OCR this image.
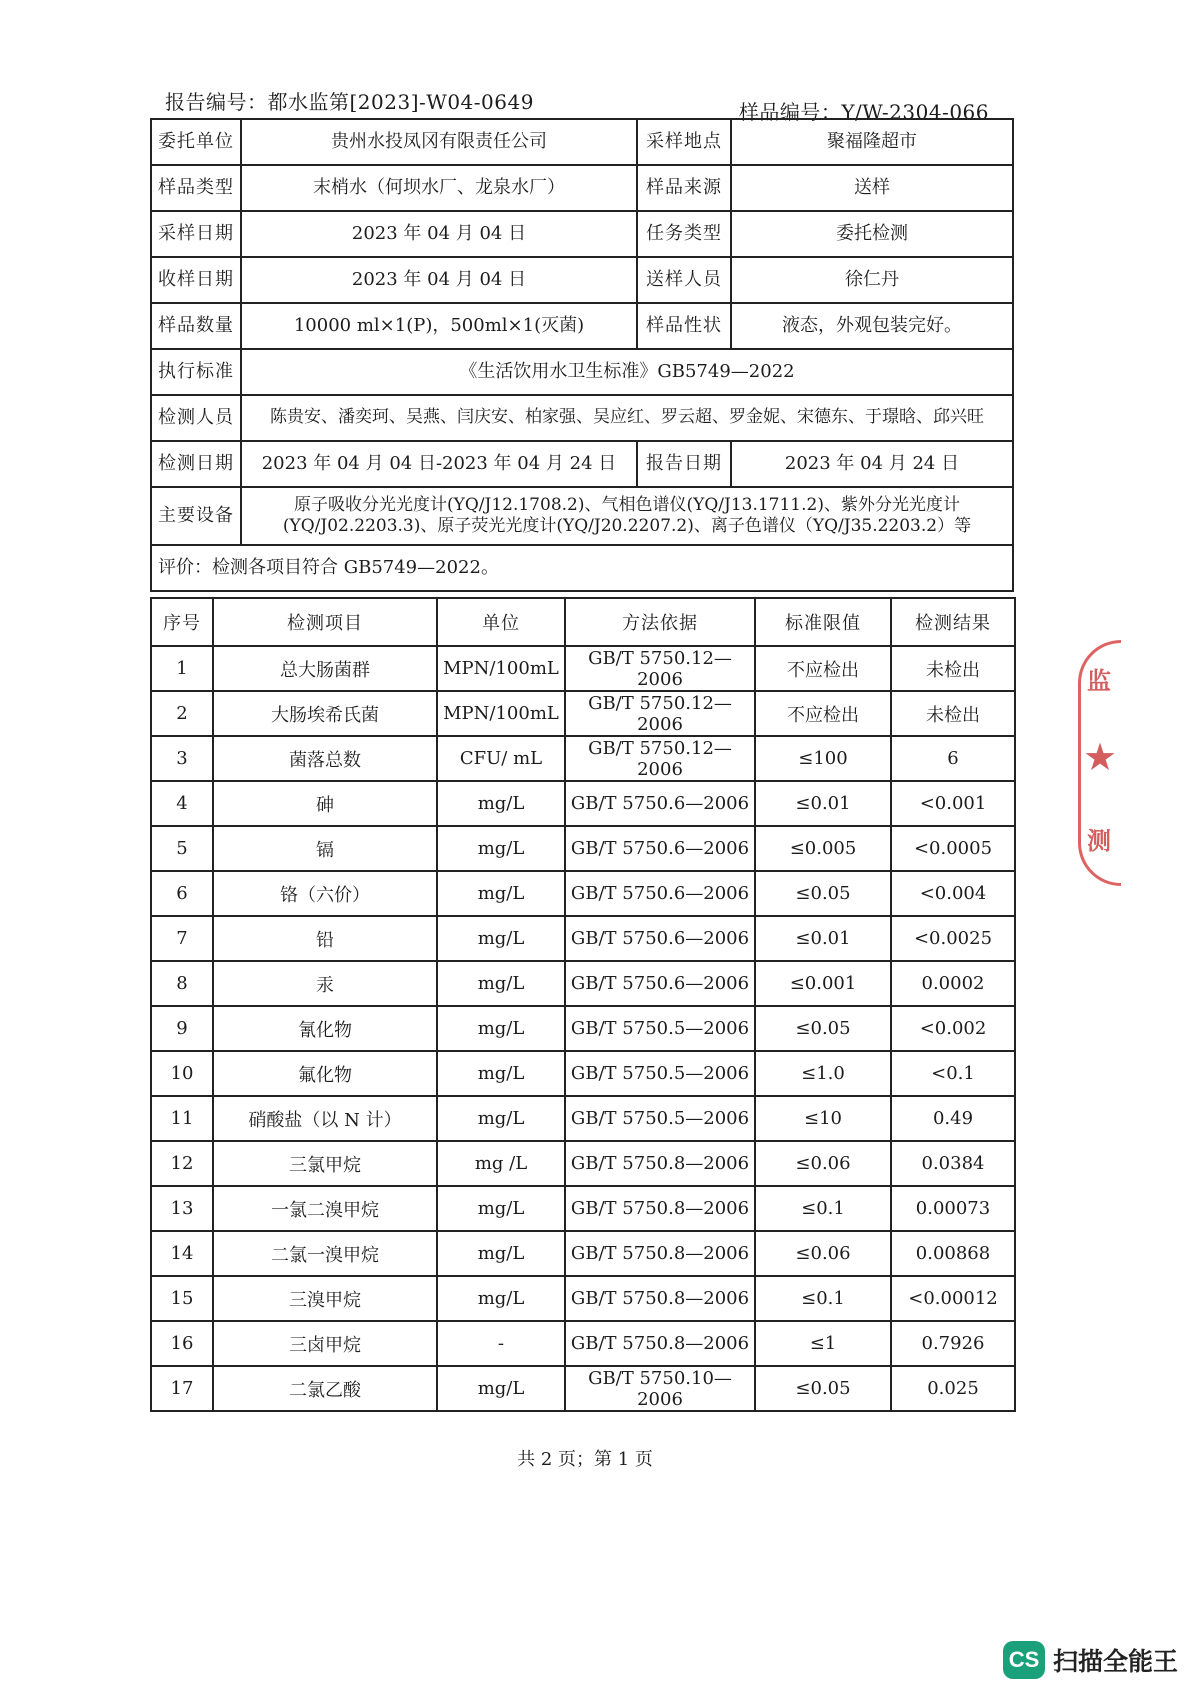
报告编号：都水监第[2023]-W04-0649	样品编号：Y/W-2304-066
委托单位	贵州水投凤冈有限责任公司	采样地点	聚福隆超市
样品类型	末梢水（何坝水厂、龙泉水厂）	样品来源	送样
采样日期	2023 年 04 月 04 日	任务类型	委托检测
收样日期	2023 年 04 月 04 日	送样人员	徐仁丹
样品数量	10000 ml×1(P)，500ml×1(灭菌)	样品性状	液态，外观包装完好。
执行标准	《生活饮用水卫生标准》GB5749—2022		
检测人员	陈贵安、潘奕珂、吴燕、闫庆安、柏家强、吴应红、罗云超、罗金妮、宋德东、于璟晗、邱兴旺		
检测日期	2023 年 04 月 04 日-2023 年 04 月 24 日	报告日期	2023 年 04 月 24 日
主要设备	原子吸收分光光度计(YQ/J12.1708.2)、气相色谱仪(YQ/J13.1711.2)、紫外分光光度计(YQ/J02.2203.3)、原子荧光光度计(YQ/J20.2207.2)、离子色谱仪（YQ/J35.2203.2）等		
评价：检测各项目符合 GB5749—2022。			
序号	检测项目	单位	方法依据	标准限值	检测结果
1	总大肠菌群	MPN/100mL	GB/T 5750.12—2006	不应检出	未检出
2	大肠埃希氏菌	MPN/100mL	GB/T 5750.12—2006	不应检出	未检出
3	菌落总数	CFU/ mL	GB/T 5750.12—2006	≤100	6
4	砷	mg/L	GB/T 5750.6—2006	≤0.01	<0.001
5	镉	mg/L	GB/T 5750.6—2006	≤0.005	<0.0005
6	铬（六价）	mg/L	GB/T 5750.6—2006	≤0.05	<0.004
7	铅	mg/L	GB/T 5750.6—2006	≤0.01	<0.0025
8	汞	mg/L	GB/T 5750.6—2006	≤0.001	0.0002
9	氰化物	mg/L	GB/T 5750.5—2006	≤0.05	<0.002
10	氟化物	mg/L	GB/T 5750.5—2006	≤1.0	<0.1
11	硝酸盐（以 N 计）	mg/L	GB/T 5750.5—2006	≤10	0.49
12	三氯甲烷	mg /L	GB/T 5750.8—2006	≤0.06	0.0384
13	一氯二溴甲烷	mg/L	GB/T 5750.8—2006	≤0.1	0.00073
14	二氯一溴甲烷	mg/L	GB/T 5750.8—2006	≤0.06	0.00868
15	三溴甲烷	mg/L	GB/T 5750.8—2006	≤0.1	<0.00012
16	三卤甲烷	-	GB/T 5750.8—2006	≤1	0.7926
17	二氯乙酸	mg/L	GB/T 5750.10—2006	≤0.05	0.025
共 2 页；第 1 页
监
★
测
CS 扫描全能王
